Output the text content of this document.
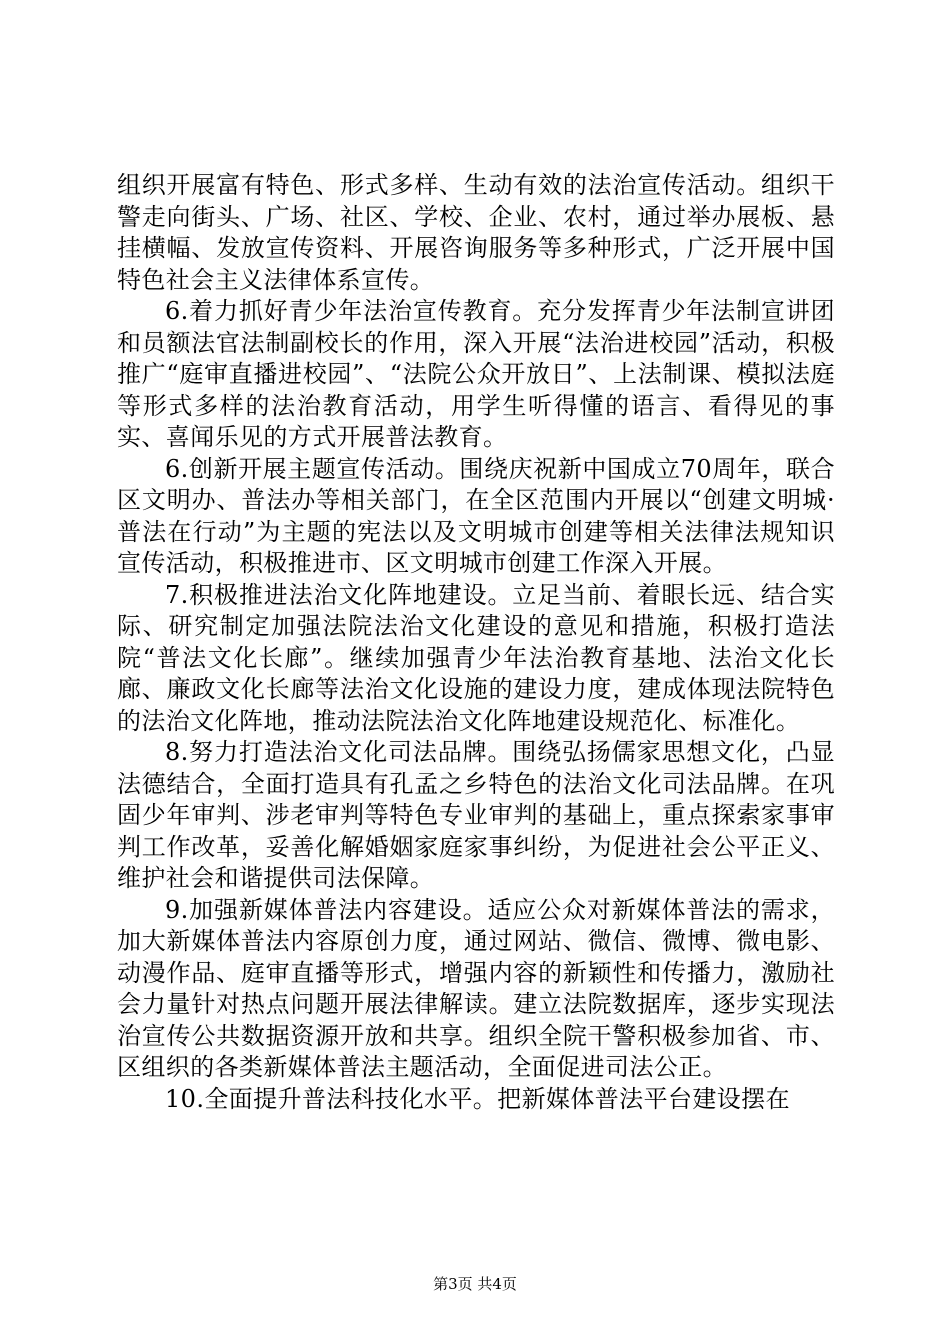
组织开展富有特色、形式多样、生动有效的法治宣传活动。组织干警走向街头、广场、社区、学校、企业、农村，通过举办展板、悬挂横幅、发放宣传资料、开展咨询服务等多种形式，广泛开展中国特色社会主义法律体系宣传。

6.着力抓好青少年法治宣传教育。充分发挥青少年法制宣讲团和员额法官法制副校长的作用，深入开展“法治进校园”活动，积极推广“庭审直播进校园”、“法院公众开放日”、上法制课、模拟法庭等形式多样的法治教育活动，用学生听得懂的语言、看得见的事实、喜闻乐见的方式开展普法教育。

6.创新开展主题宣传活动。围绕庆祝新中国成立70周年，联合区文明办、普法办等相关部门，在全区范围内开展以“创建文明城·普法在行动”为主题的宪法以及文明城市创建等相关法律法规知识宣传活动，积极推进市、区文明城市创建工作深入开展。

7.积极推进法治文化阵地建设。立足当前、着眼长远、结合实际、研究制定加强法院法治文化建设的意见和措施，积极打造法院“普法文化长廊”。继续加强青少年法治教育基地、法治文化长廊、廉政文化长廊等法治文化设施的建设力度，建成体现法院特色的法治文化阵地，推动法院法治文化阵地建设规范化、标准化。

8.努力打造法治文化司法品牌。围绕弘扬儒家思想文化，凸显法德结合，全面打造具有孔孟之乡特色的法治文化司法品牌。在巩固少年审判、涉老审判等特色专业审判的基础上，重点探索家事审判工作改革，妥善化解婚姻家庭家事纠纷，为促进社会公平正义、维护社会和谐提供司法保障。

9.加强新媒体普法内容建设。适应公众对新媒体普法的需求，加大新媒体普法内容原创力度，通过网站、微信、微博、微电影、动漫作品、庭审直播等形式，增强内容的新颖性和传播力，激励社会力量针对热点问题开展法律解读。建立法院数据库，逐步实现法治宣传公共数据资源开放和共享。组织全院干警积极参加省、市、区组织的各类新媒体普法主题活动，全面促进司法公正。

10.全面提升普法科技化水平。把新媒体普法平台建设摆在

第3页 共4页
